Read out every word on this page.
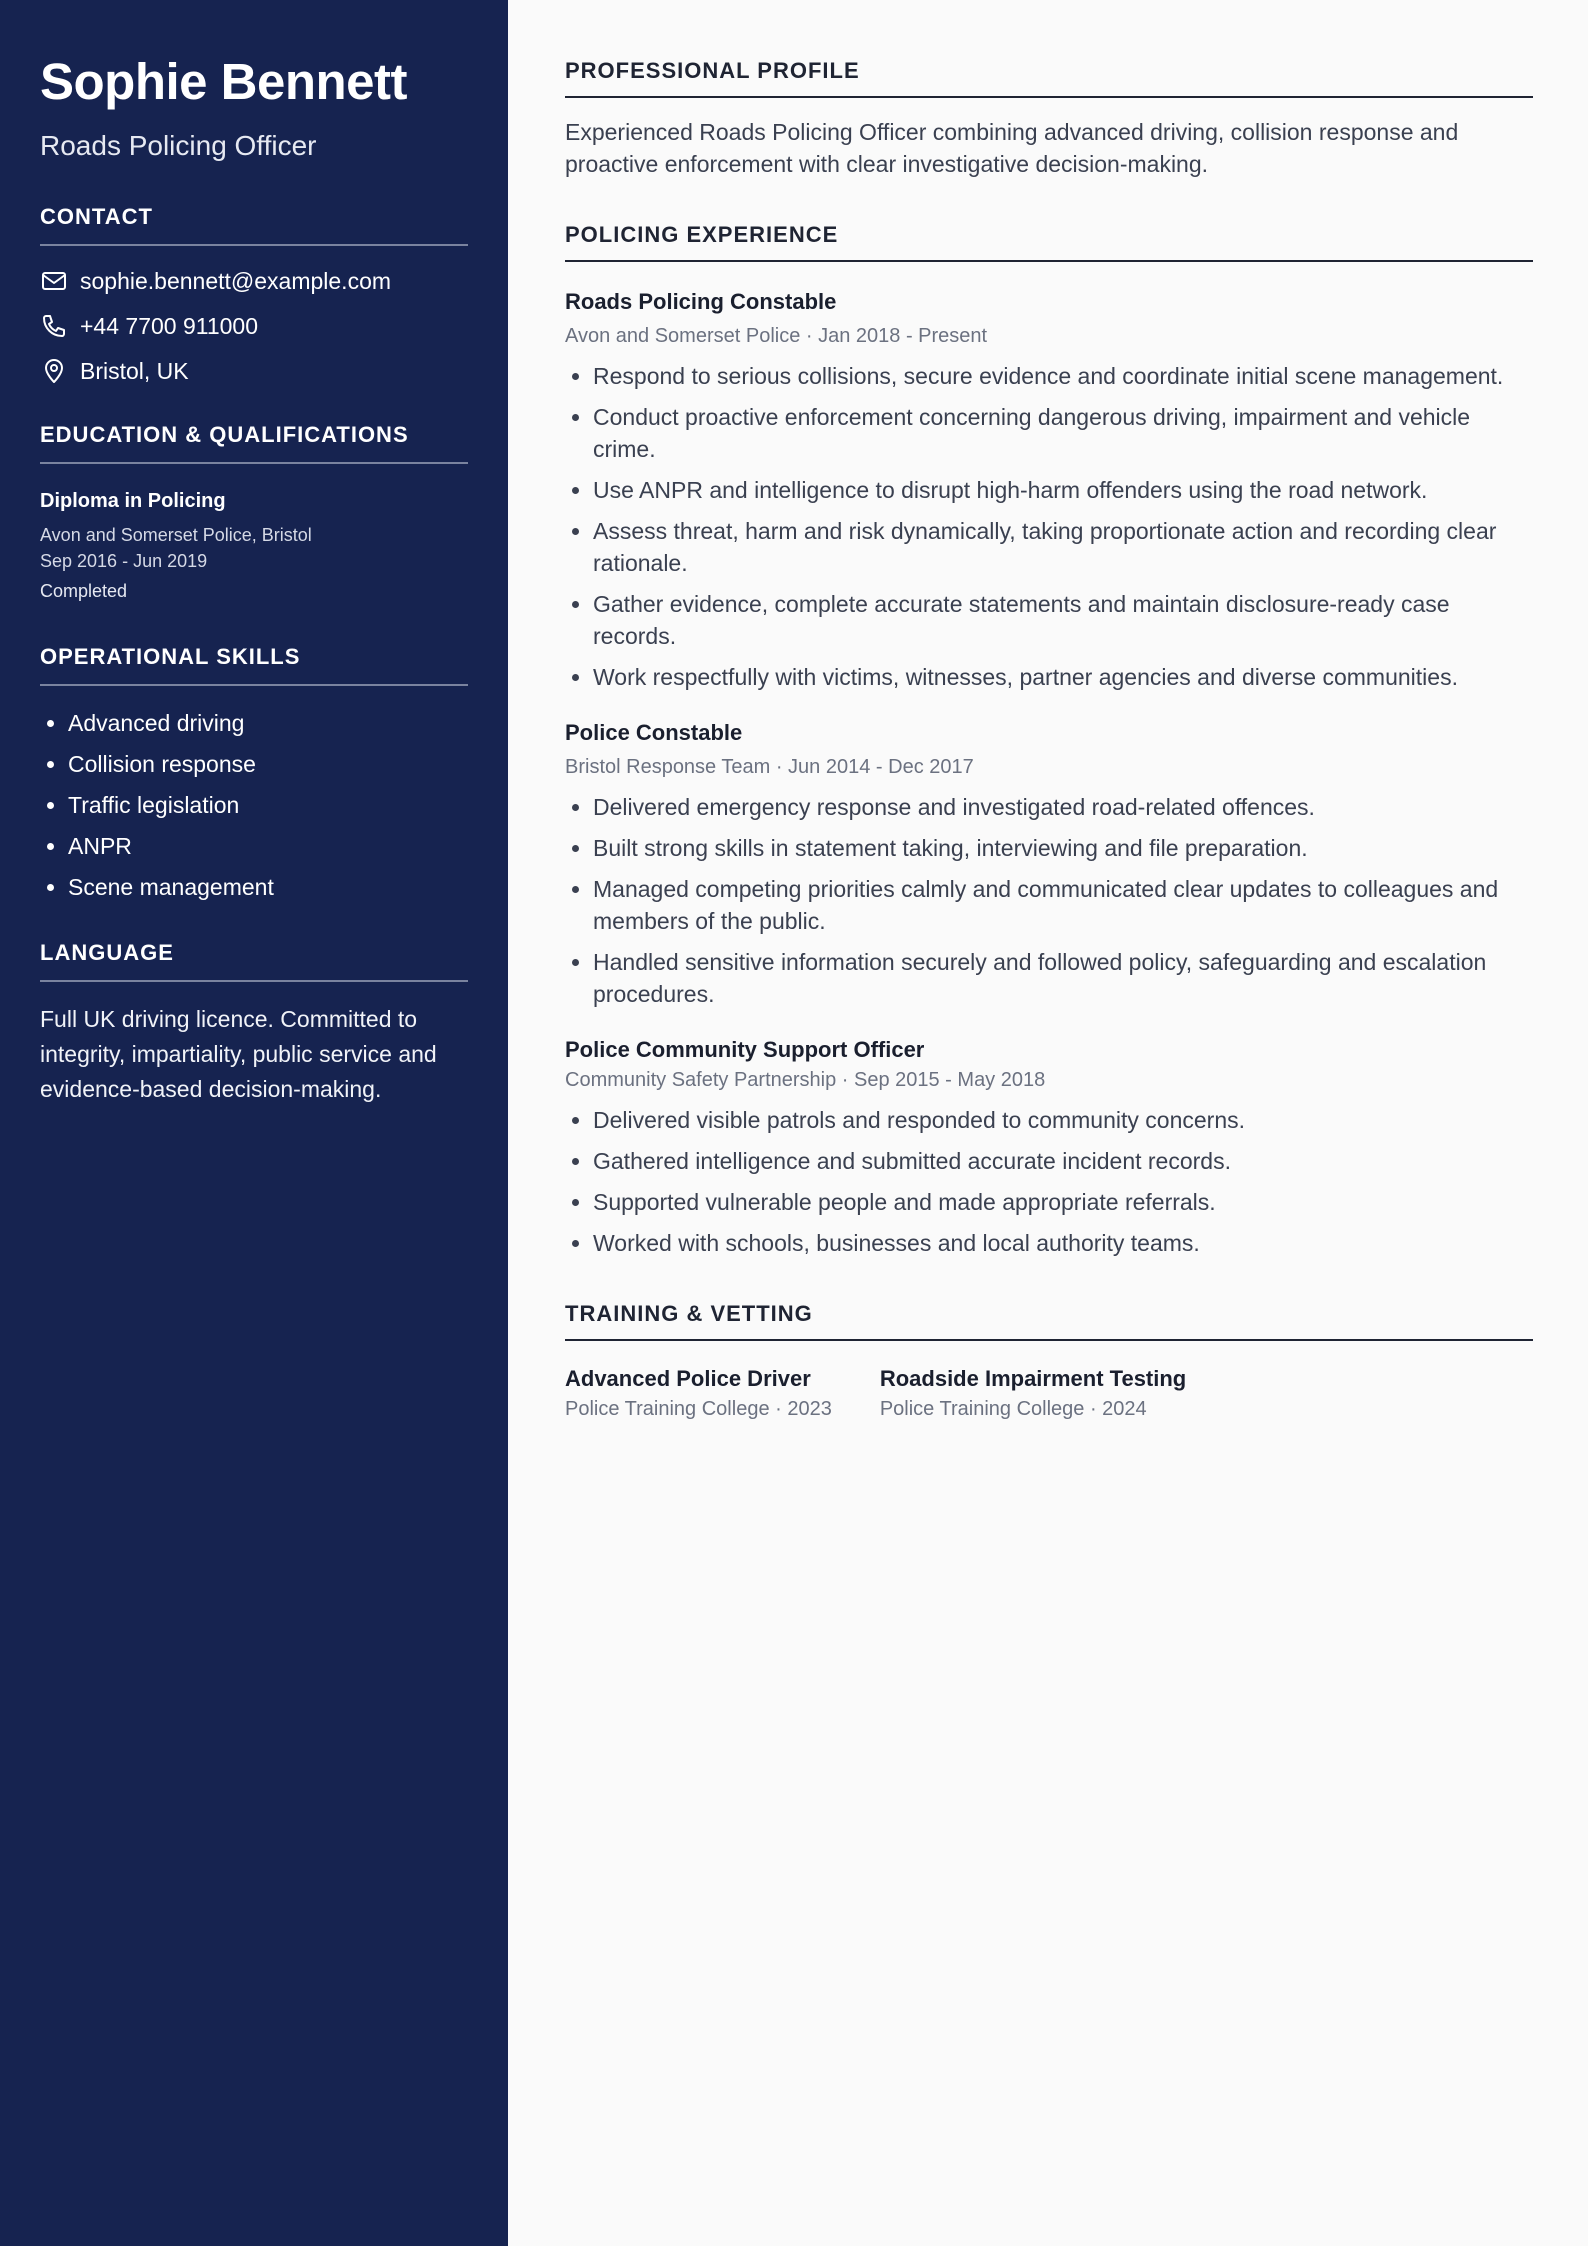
Sophie Bennett
Roads Policing Officer
CONTACT
sophie.bennett@example.com
+44 7700 911000
Bristol, UK
EDUCATION & QUALIFICATIONS
Diploma in Policing
Avon and Somerset Police, Bristol
Sep 2016 - Jun 2019
Completed
OPERATIONAL SKILLS
• Advanced driving
• Collision response
• Traffic legislation
• ANPR
• Scene management
LANGUAGE

Full UK driving licence. Committed to integrity, impartiality, public service and evidence-based decision-making.

PROFESSIONAL PROFILE

Experienced Roads Policing Officer combining advanced driving, collision response and proactive enforcement with clear investigative decision-making.

POLICING EXPERIENCE
Roads Policing Constable
Avon and Somerset Police · Jan 2018 - Present
• Respond to serious collisions, secure evidence and coordinate initial scene management.
• Conduct proactive enforcement concerning dangerous driving, impairment and vehicle crime.
• Use ANPR and intelligence to disrupt high-harm offenders using the road network.
• Assess threat, harm and risk dynamically, taking proportionate action and recording clear rationale.
• Gather evidence, complete accurate statements and maintain disclosure-ready case records.
• Work respectfully with victims, witnesses, partner agencies and diverse communities.
Police Constable
Bristol Response Team · Jun 2014 - Dec 2017
• Delivered emergency response and investigated road-related offences.
• Built strong skills in statement taking, interviewing and file preparation.
• Managed competing priorities calmly and communicated clear updates to colleagues and members of the public.
• Handled sensitive information securely and followed policy, safeguarding and escalation procedures.
Police Community Support Officer
Community Safety Partnership · Sep 2015 - May 2018
• Delivered visible patrols and responded to community concerns.
• Gathered intelligence and submitted accurate incident records.
• Supported vulnerable people and made appropriate referrals.
• Worked with schools, businesses and local authority teams.
TRAINING & VETTING
Advanced Police Driver
Police Training College · 2023
Roadside Impairment Testing
Police Training College · 2024
